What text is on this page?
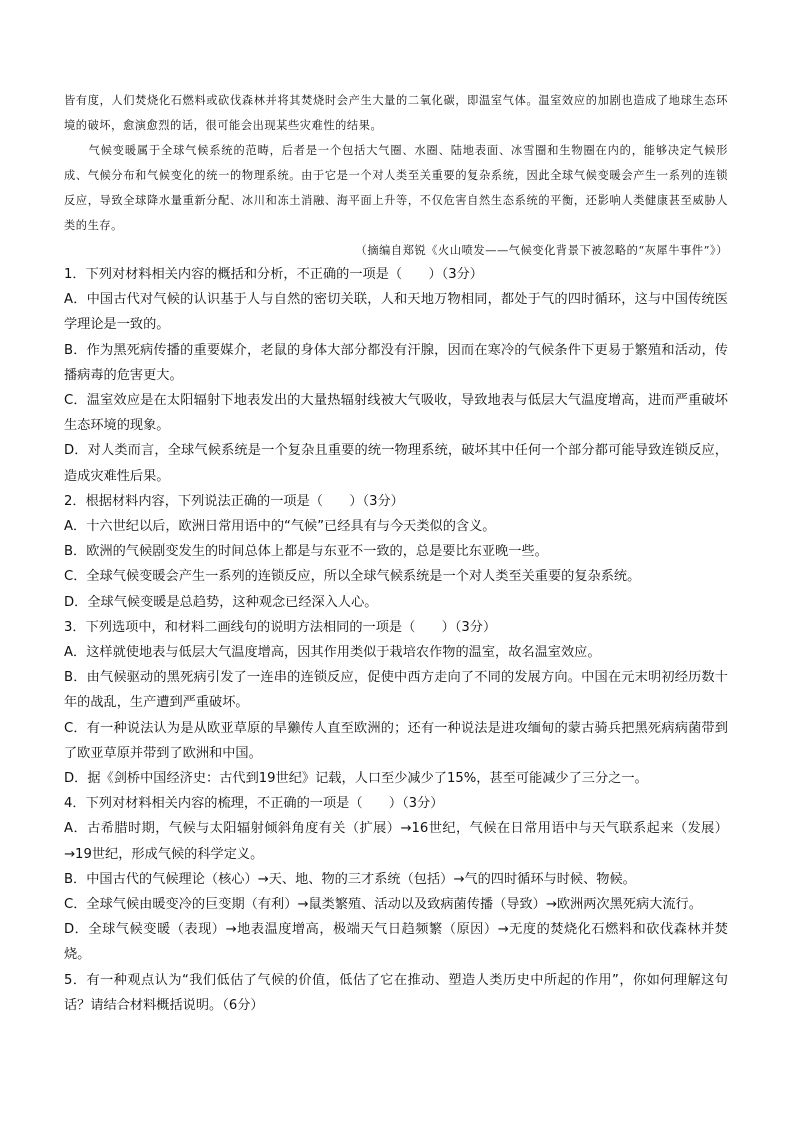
皆有度，人们焚烧化石燃料或砍伐森林并将其焚烧时会产生大量的二氧化碳，即温室气体。温室效应的加剧也造成了地球生态环境的破坏，愈演愈烈的话，很可能会出现某些灾难性的结果。

气候变暖属于全球气候系统的范畴，后者是一个包括大气圈、水圈、陆地表面、冰雪圈和生物圈在内的，能够决定气候形成、气候分布和气候变化的统一的物理系统。由于它是一个对人类至关重要的复杂系统，因此全球气候变暖会产生一系列的连锁反应，导致全球降水量重新分配、冰川和冻土消融、海平面上升等，不仅危害自然生态系统的平衡，还影响人类健康甚至威胁人类的生存。

（摘编自郑锐《火山喷发——气候变化背景下被忽略的“灰犀牛事件”》）

1．下列对材料相关内容的概括和分析，不正确的一项是（　　）（3分）

A．中国古代对气候的认识基于人与自然的密切关联，人和天地万物相同，都处于气的四时循环，这与中国传统医学理论是一致的。

B．作为黑死病传播的重要媒介，老鼠的身体大部分都没有汗腺，因而在寒冷的气候条件下更易于繁殖和活动，传播病毒的危害更大。

C．温室效应是在太阳辐射下地表发出的大量热辐射线被大气吸收，导致地表与低层大气温度增高，进而严重破坏生态环境的现象。

D．对人类而言，全球气候系统是一个复杂且重要的统一物理系统，破坏其中任何一个部分都可能导致连锁反应，造成灾难性后果。

2．根据材料内容，下列说法正确的一项是（　　）（3分）

A．十六世纪以后，欧洲日常用语中的“气候”已经具有与今天类似的含义。

B．欧洲的气候剧变发生的时间总体上都是与东亚不一致的，总是要比东亚晚一些。

C．全球气候变暖会产生一系列的连锁反应，所以全球气候系统是一个对人类至关重要的复杂系统。

D．全球气候变暖是总趋势，这种观念已经深入人心。

3．下列选项中，和材料二画线句的说明方法相同的一项是（　　）（3分）

A．这样就使地表与低层大气温度增高，因其作用类似于栽培农作物的温室，故名温室效应。

B．由气候驱动的黑死病引发了一连串的连锁反应，促使中西方走向了不同的发展方向。中国在元末明初经历数十年的战乱，生产遭到严重破坏。

C．有一种说法认为是从欧亚草原的旱獭传人直至欧洲的；还有一种说法是进攻缅甸的蒙古骑兵把黑死病病菌带到了欧亚草原并带到了欧洲和中国。

D．据《剑桥中国经济史：古代到19世纪》记载，人口至少减少了15%，甚至可能减少了三分之一。

4．下列对材料相关内容的梳理，不正确的一项是（　　）（3分）

A．古希腊时期，气候与太阳辐射倾斜角度有关（扩展）→16世纪，气候在日常用语中与天气联系起来（发展）→19世纪，形成气候的科学定义。

B．中国古代的气候理论（核心）→天、地、物的三才系统（包括）→气的四时循环与时候、物候。

C．全球气候由暖变冷的巨变期（有利）→鼠类繁殖、活动以及致病菌传播（导致）→欧洲两次黑死病大流行。

D．全球气候变暖（表现）→地表温度增高，极端天气日趋频繁（原因）→无度的焚烧化石燃料和砍伐森林并焚烧。

5．有一种观点认为“我们低估了气候的价值，低估了它在推动、塑造人类历史中所起的作用”，你如何理解这句话？请结合材料概括说明。（6分）
